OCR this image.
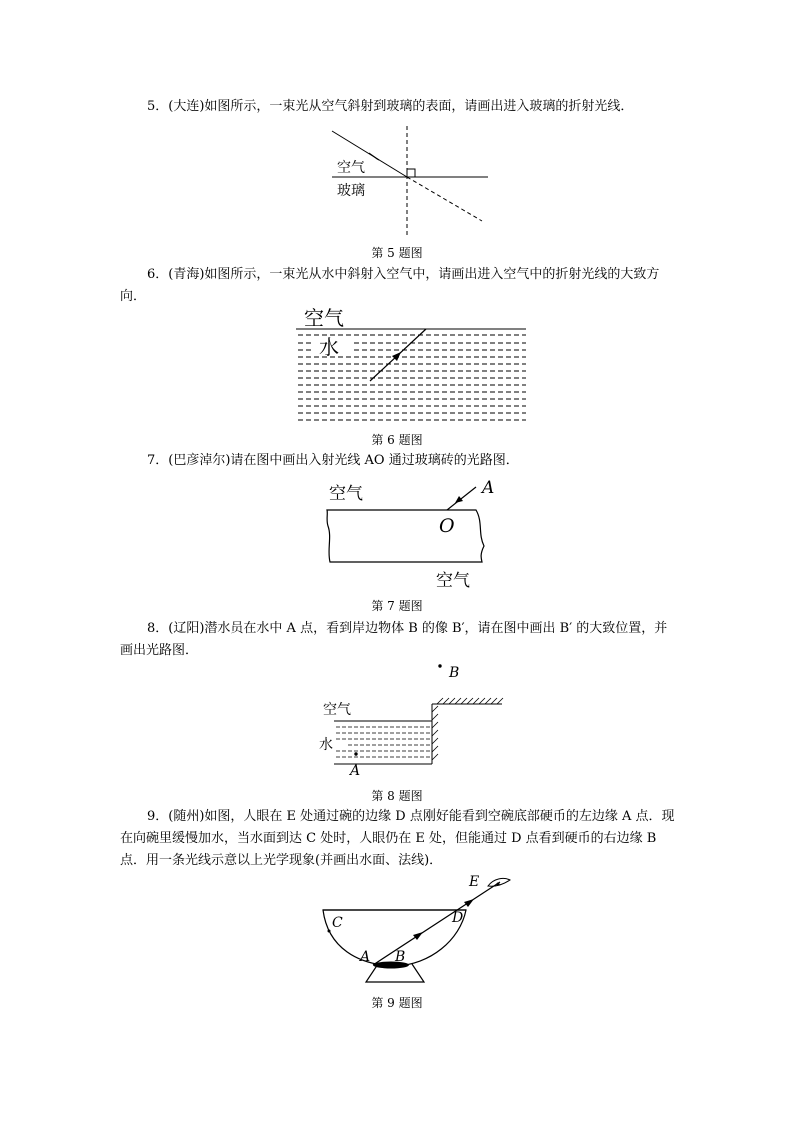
5．(大连)如图所示，一束光从空气斜射到玻璃的表面，请画出进入玻璃的折射光线．
空气
玻璃
第 5 题图
6．(青海)如图所示，一束光从水中斜射入空气中，请画出进入空气中的折射光线的大致方向．
空气
水
第 6 题图
7．(巴彦淖尔)请在图中画出入射光线 AO 通过玻璃砖的光路图．
空气	A
O
空气
第 7 题图
8．(辽阳)潜水员在水中 A 点，看到岸边物体 B 的像 B′，请在图中画出 B′ 的大致位置，并画出光路图．
B
空气
水
A
第 8 题图
9．(随州)如图，人眼在 E 处通过碗的边缘 D 点刚好能看到空碗底部硬币的左边缘 A 点．现在向碗里缓慢加水，当水面到达 C 处时，人眼仍在 E 处，但能通过 D 点看到硬币的右边缘 B 点．用一条光线示意以上光学现象(并画出水面、法线)．
C	D
E
A B
第 9 题图
